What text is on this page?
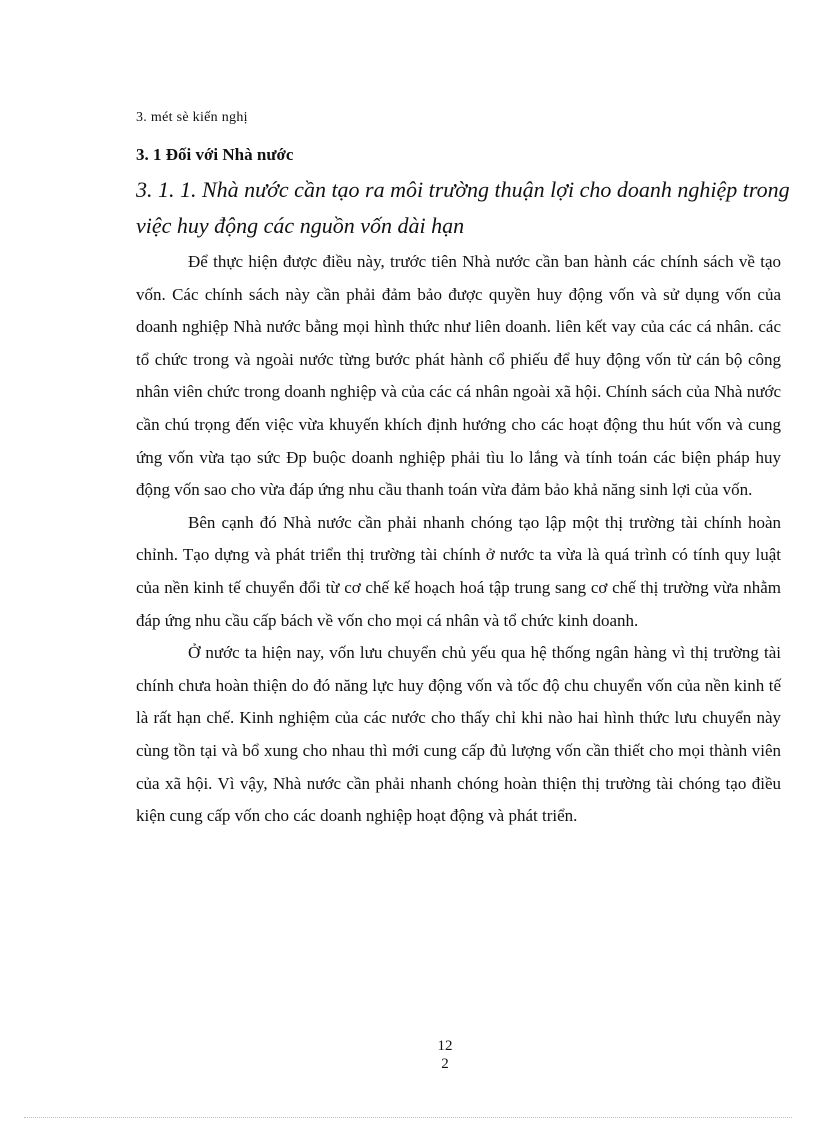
3. mét sè kiến nghị
3. 1 Đối với Nhà nước
3. 1. 1. Nhà nước cần tạo ra môi trường thuận lợi cho doanh nghiệp trong việc huy động các nguồn vốn dài hạn

Để thực hiện được điều này, trước tiên Nhà nước cần ban hành các chính sách về tạo vốn. Các chính sách này cần phải đảm bảo được quyền huy động vốn và sử dụng vốn của doanh nghiệp Nhà nước bằng mọi hình thức như liên doanh. liên kết vay của các cá nhân. các tổ chức trong và ngoài nước từng bước phát hành cổ phiếu để huy động vốn từ cán bộ công nhân viên chức trong doanh nghiệp và của các cá nhân ngoài xã hội. Chính sách của Nhà nước cần chú trọng đến việc vừa khuyến khích định hướng cho các hoạt động thu hút vốn và cung ứng vốn vừa tạo sức Ðp buộc doanh nghiệp phải tìu lo lắng và tính toán các biện pháp huy động vốn sao cho vừa đáp ứng nhu cầu thanh toán vừa đảm bảo khả năng sinh lợi của vốn.

Bên cạnh đó Nhà nước cần phải nhanh chóng tạo lập một thị trường tài chính hoàn chỉnh. Tạo dựng và phát triển thị trường tài chính ở nước ta vừa là quá trình có tính quy luật của nền kinh tế chuyển đổi từ cơ chế kế hoạch hoá tập trung sang cơ chế thị trường vừa nhằm đáp ứng nhu cầu cấp bách về vốn cho mọi cá nhân và tổ chức kinh doanh.

Ở nước ta hiện nay, vốn lưu chuyển chủ yếu qua hệ thống ngân hàng vì thị trường tài chính chưa hoàn thiện do đó năng lực huy động vốn và tốc độ chu chuyển vốn của nền kinh tế là rất hạn chế. Kinh nghiệm của các nước cho thấy chỉ khi nào hai hình thức lưu chuyển này cùng tồn tại và bổ xung cho nhau thì mới cung cấp đủ lượng vốn cần thiết cho mọi thành viên của xã hội. Vì vậy, Nhà nước cần phải nhanh chóng hoàn thiện thị trường tài chóng tạo điều kiện cung cấp vốn cho các doanh nghiệp hoạt động và phát triển.

12
2
